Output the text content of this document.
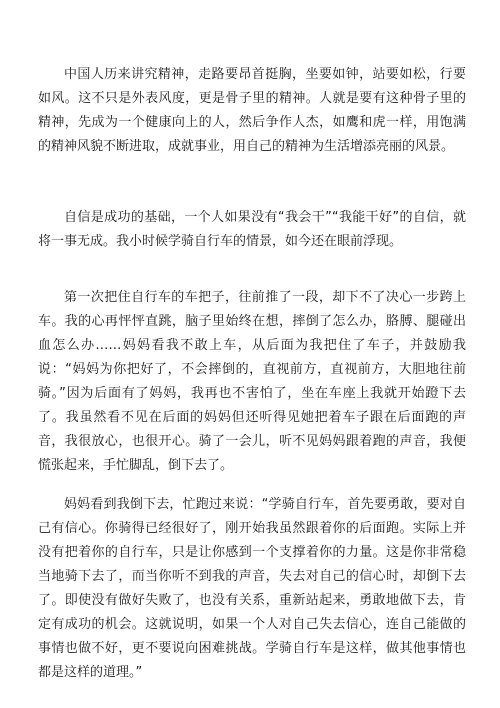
中国人历来讲究精神，走路要昂首挺胸，坐要如钟，站要如松，行要如风。这不只是外表风度，更是骨子里的精神。人就是要有这种骨子里的精神，先成为一个健康向上的人，然后争作人杰，如鹰和虎一样，用饱满的精神风貌不断进取，成就事业，用自己的精神为生活增添亮丽的风景。

自信是成功的基础，一个人如果没有“我会干”“我能干好”的自信，就将一事无成。我小时候学骑自行车的情景，如今还在眼前浮现。

第一次把住自行车的车把子，往前推了一段，却下不了决心一步跨上车。我的心再怦怦直跳，脑子里始终在想，摔倒了怎么办，胳膊、腿碰出血怎么办……妈妈看我不敢上车，从后面为我把住了车子，并鼓励我说：“妈妈为你把好了，不会摔倒的，直视前方，直视前方，大胆地往前骑。”因为后面有了妈妈，我再也不害怕了，坐在车座上我就开始蹬下去了。我虽然看不见在后面的妈妈但还听得见她把着车子跟在后面跑的声音，我很放心，也很开心。骑了一会儿，听不见妈妈跟着跑的声音，我便慌张起来，手忙脚乱，倒下去了。

妈妈看到我倒下去，忙跑过来说：“学骑自行车，首先要勇敢，要对自己有信心。你骑得已经很好了，刚开始我虽然跟着你的后面跑。实际上并没有把着你的自行车，只是让你感到一个支撑着你的力量。这是你非常稳当地骑下去了，而当你听不到我的声音，失去对自己的信心时，却倒下去了。即使没有做好失败了，也没有关系，重新站起来，勇敢地做下去，肯定有成功的机会。这就说明，如果一个人对自己失去信心，连自己能做的事情也做不好，更不要说向困难挑战。学骑自行车是这样，做其他事情也都是这样的道理。”
